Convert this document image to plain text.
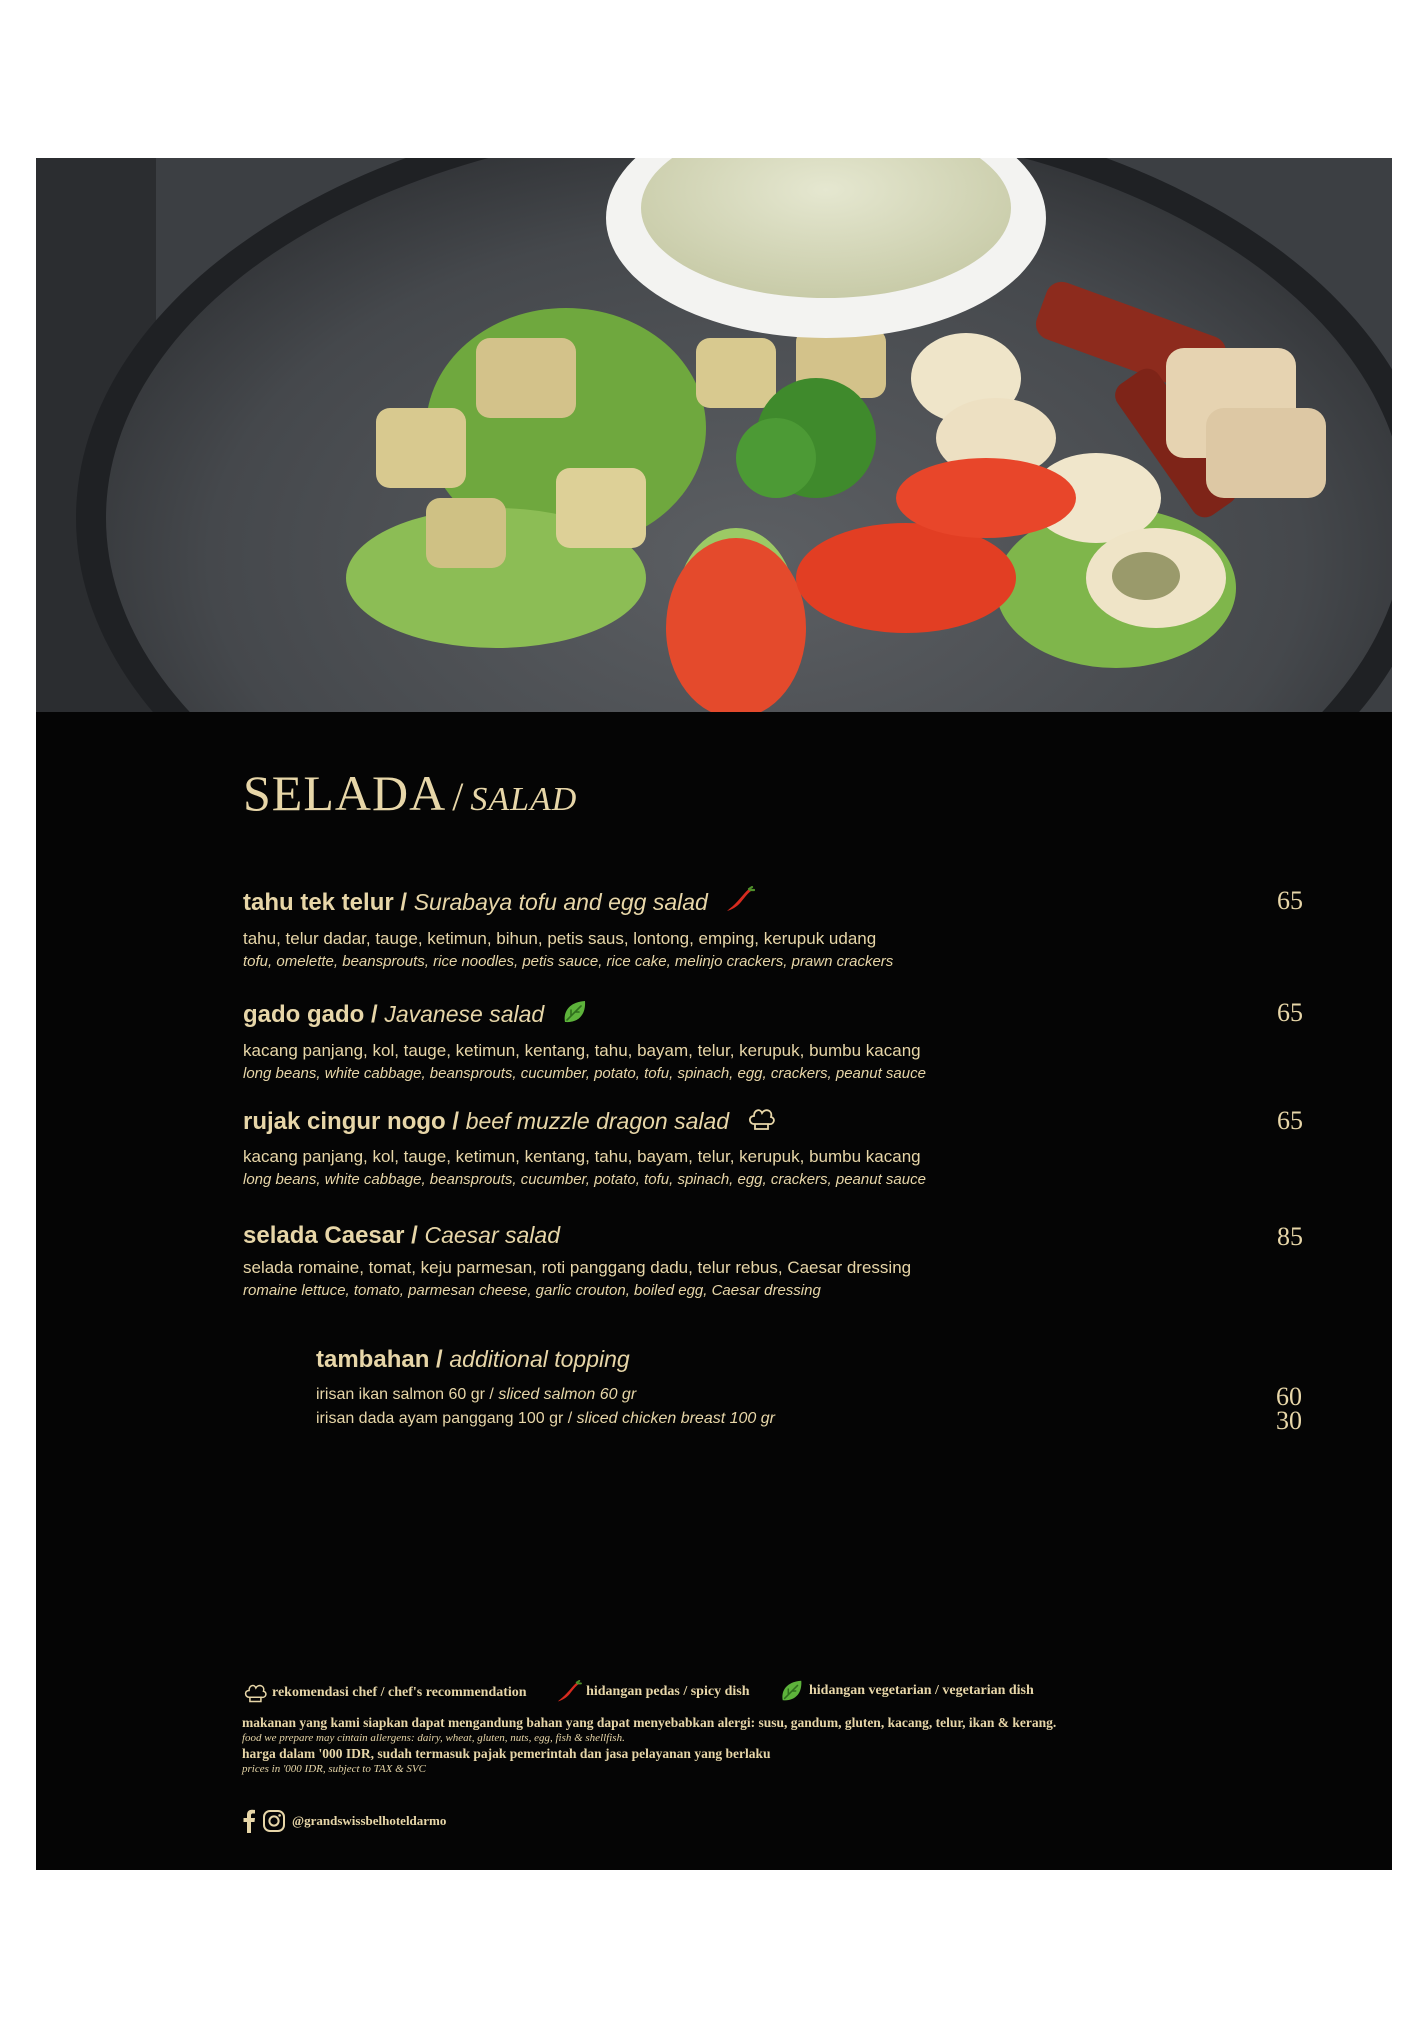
SELADA / SALAD
tahu tek telur / Surabaya tofu and egg salad	65
tahu, telur dadar, tauge, ketimun, bihun, petis saus, lontong, emping, kerupuk udang
tofu, omelette, beansprouts, rice noodles, petis sauce, rice cake, melinjo crackers, prawn crackers
gado gado / Javanese salad	65
kacang panjang, kol, tauge, ketimun, kentang, tahu, bayam, telur, kerupuk, bumbu kacang
long beans, white cabbage, beansprouts, cucumber, potato, tofu, spinach, egg, crackers, peanut sauce
rujak cingur nogo / beef muzzle dragon salad	65
kacang panjang, kol, tauge, ketimun, kentang, tahu, bayam, telur, kerupuk, bumbu kacang
long beans, white cabbage, beansprouts, cucumber, potato, tofu, spinach, egg, crackers, peanut sauce
selada Caesar / Caesar salad	85
selada romaine, tomat, keju parmesan, roti panggang dadu, telur rebus, Caesar dressing
romaine lettuce, tomato, parmesan cheese, garlic crouton, boiled egg, Caesar dressing
tambahan / additional topping
irisan ikan salmon 60 gr / sliced salmon 60 gr	60
irisan dada ayam panggang 100 gr / sliced chicken breast 100 gr	30
rekomendasi chef / chef's recommendation
	hidangan pedas / spicy dish
	hidangan vegetarian / vegetarian dish
makanan yang kami siapkan dapat mengandung bahan yang dapat menyebabkan alergi: susu, gandum, gluten, kacang, telur, ikan & kerang.
food we prepare may cintain allergens: dairy, wheat, gluten, nuts, egg, fish & shellfish.
harga dalam '000 IDR, sudah termasuk pajak pemerintah dan jasa pelayanan yang berlaku
prices in '000 IDR, subject to TAX & SVC
@grandswissbelhoteldarmo
